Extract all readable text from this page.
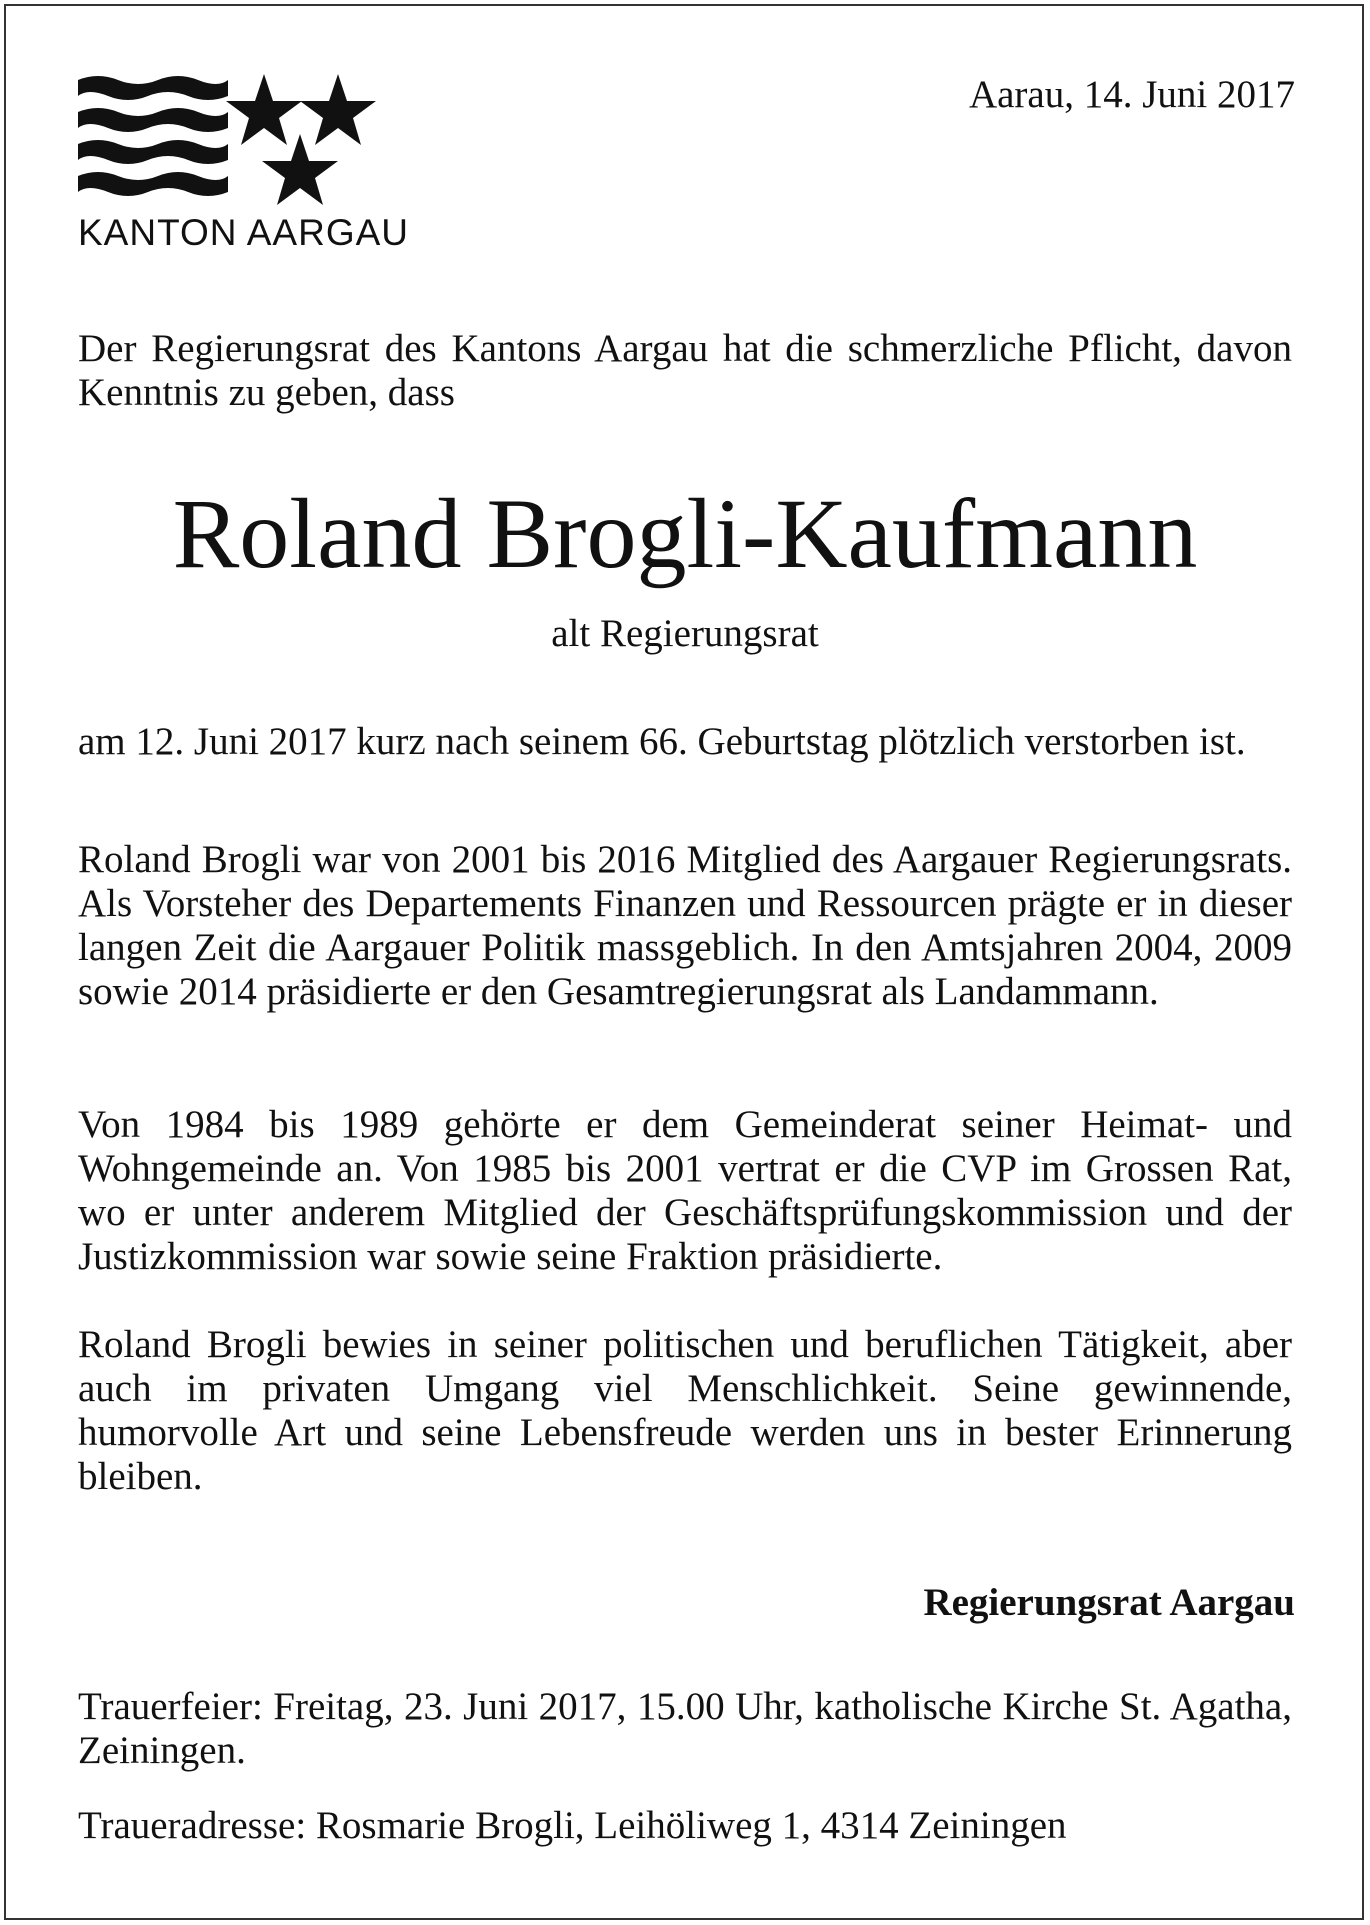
KANTON AARGAU
Aarau, 14. Juni 2017
Der Regierungsrat des Kantons Aargau hat die schmerzliche Pflicht, davon Kenntnis zu geben, dass
Roland Brogli-Kaufmann
alt Regierungsrat
am 12. Juni 2017 kurz nach seinem 66. Geburtstag plötzlich verstorben ist.
Roland Brogli war von 2001 bis 2016 Mitglied des Aargauer Regierungsrats. Als Vorsteher des Departements Finanzen und Ressourcen prägte er in dieser langen Zeit die Aargauer Politik massgeblich. In den Amtsjahren 2004, 2009 sowie 2014 präsidierte er den Gesamtregierungsrat als Landammann.
Von 1984 bis 1989 gehörte er dem Gemeinderat seiner Heimat- und Wohngemeinde an. Von 1985 bis 2001 vertrat er die CVP im Grossen Rat, wo er unter anderem Mitglied der Geschäftsprüfungskommission und der Justizkommission war sowie seine Fraktion präsidierte.
Roland Brogli bewies in seiner politischen und beruflichen Tätigkeit, aber auch im privaten Umgang viel Menschlichkeit. Seine gewinnende, humorvolle Art und seine Lebensfreude werden uns in bester Erinnerung bleiben.
Regierungsrat Aargau
Trauerfeier: Freitag, 23. Juni 2017, 15.00 Uhr, katholische Kirche St. Agatha, Zeiningen.
Traueradresse: Rosmarie Brogli, Leihöliweg 1, 4314 Zeiningen
